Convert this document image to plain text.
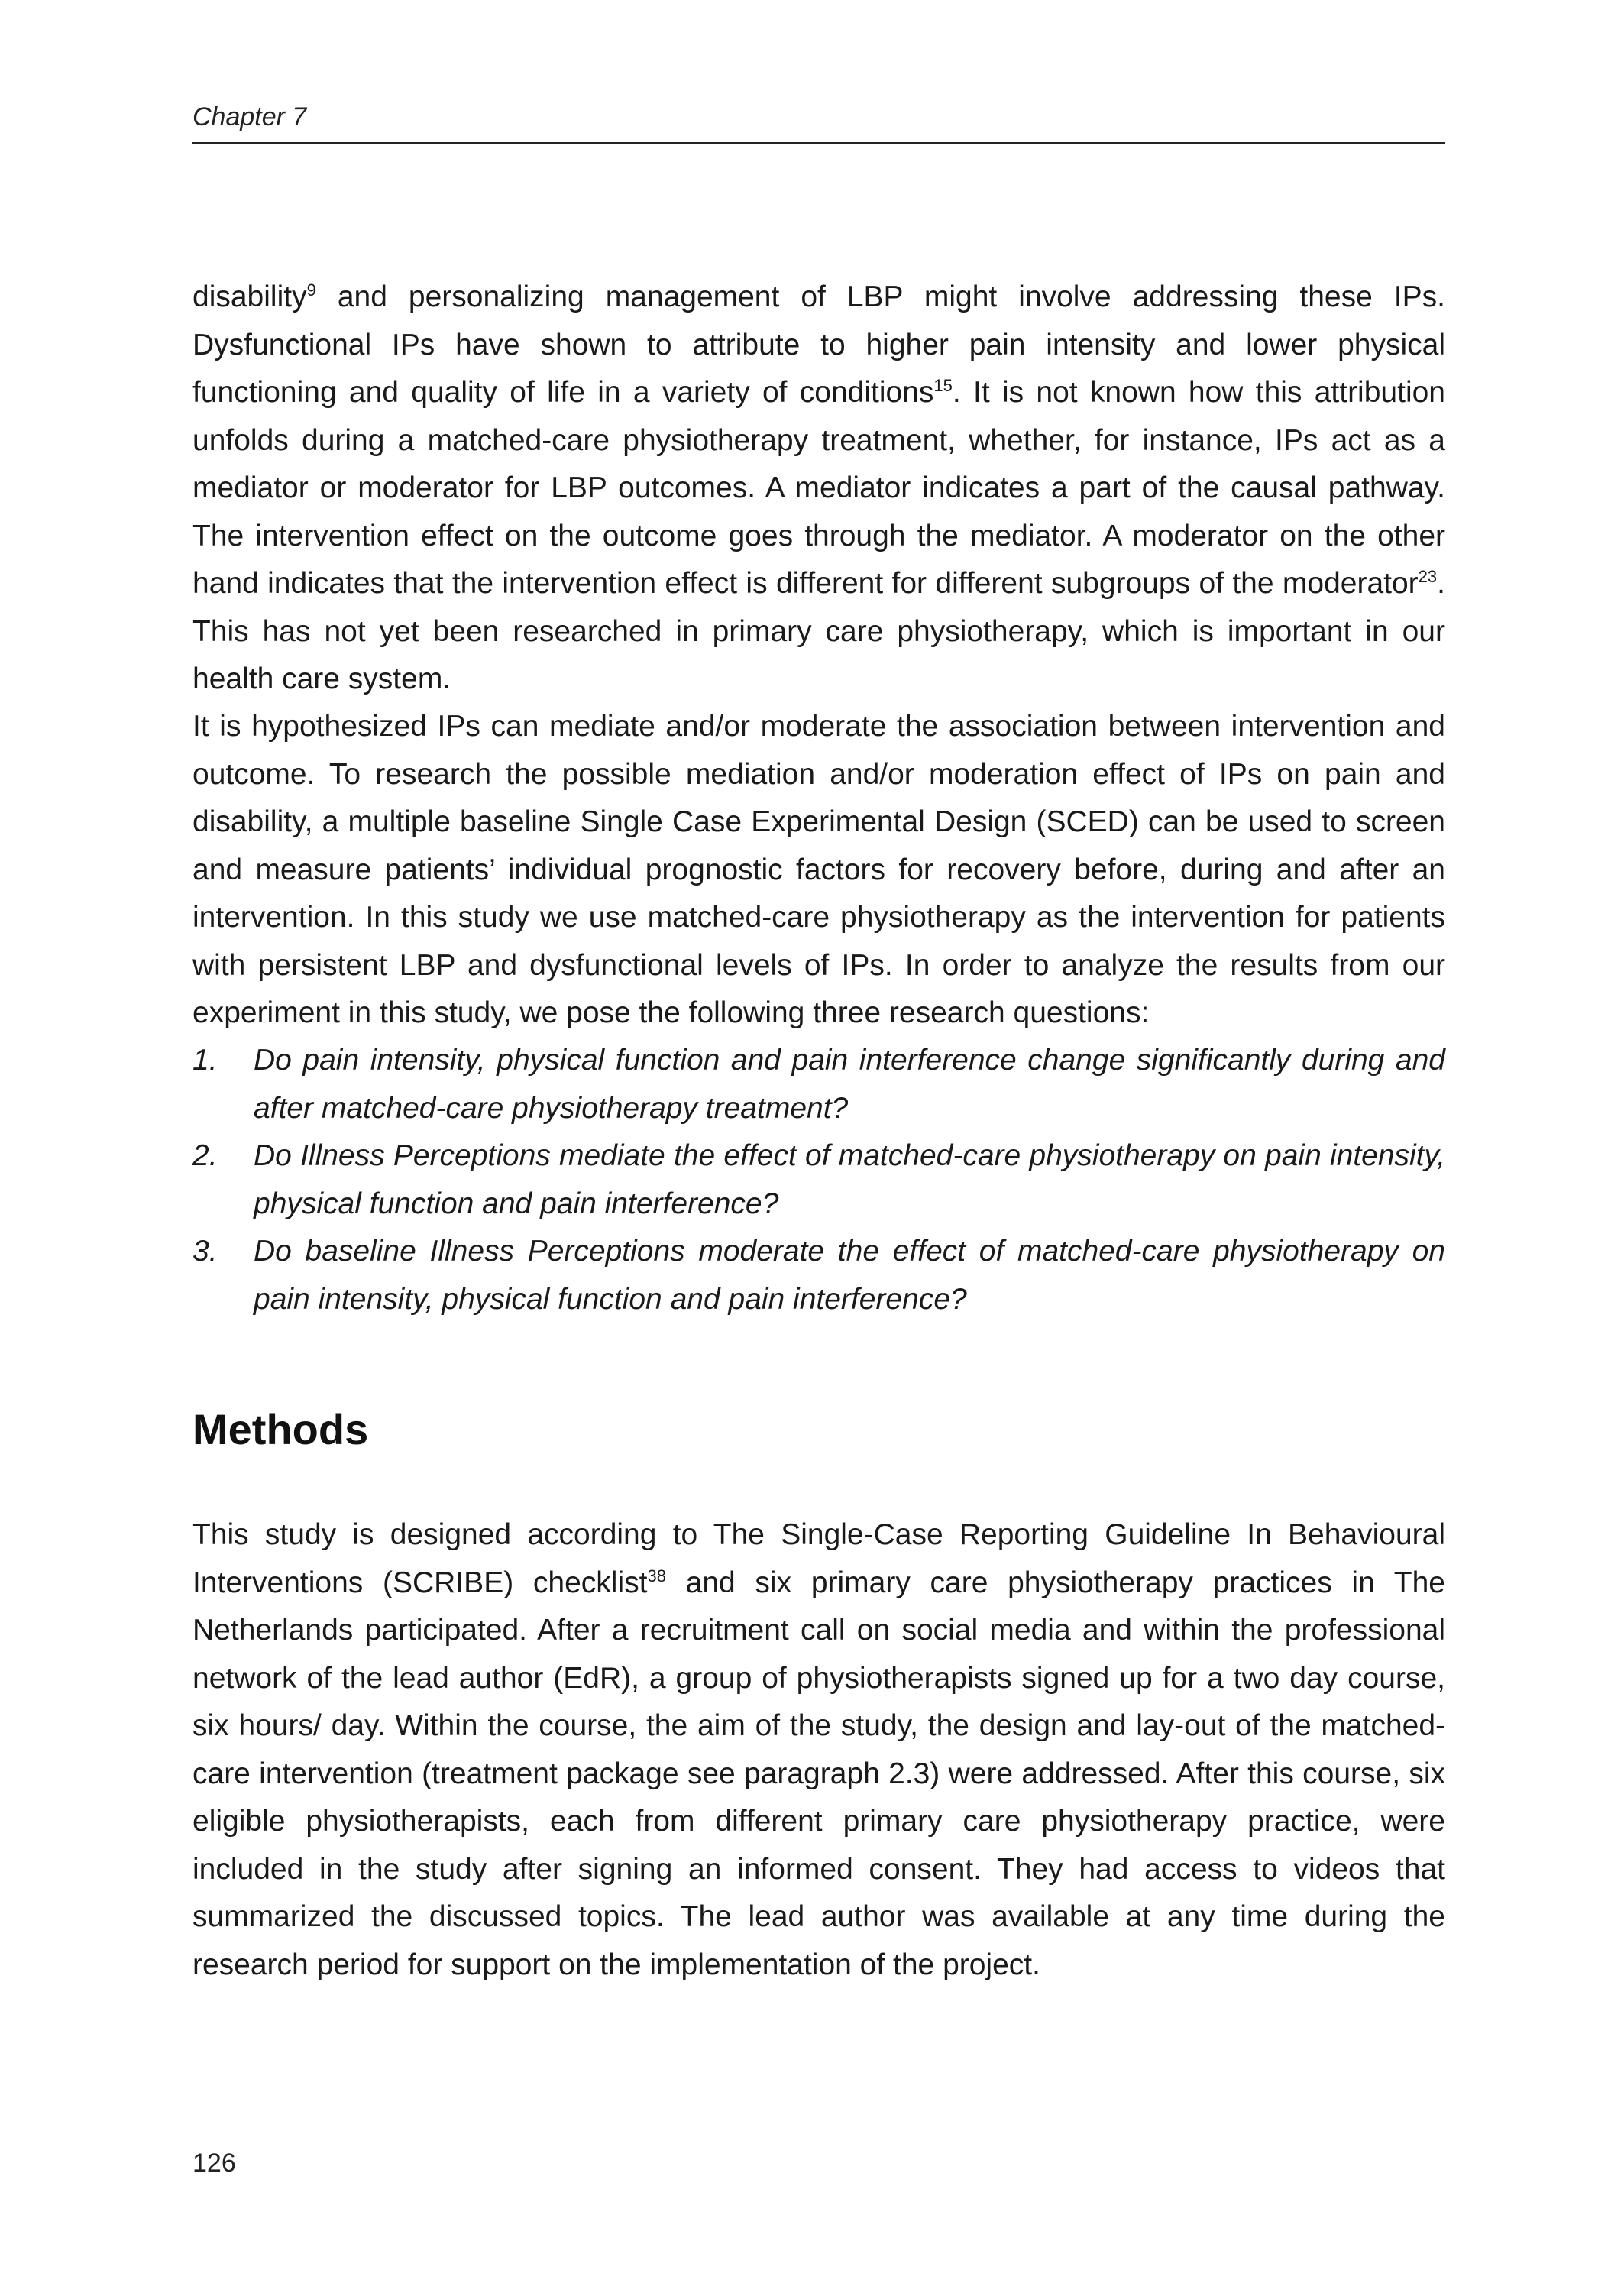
Chapter 7

disability$^9$ and personalizing management of LBP might involve addressing these IPs. Dysfunctional IPs have shown to attribute to higher pain intensity and lower physical functioning and quality of life in a variety of conditions$^{15}$. It is not known how this attribution unfolds during a matched-care physiotherapy treatment, whether, for instance, IPs act as a mediator or moderator for LBP outcomes. A mediator indicates a part of the causal pathway. The intervention effect on the outcome goes through the mediator. A moderator on the other hand indicates that the intervention effect is different for different subgroups of the moderator$^{23}$. This has not yet been researched in primary care physiotherapy, which is important in our health care system.

It is hypothesized IPs can mediate and/or moderate the association between intervention and outcome. To research the possible mediation and/or moderation effect of IPs on pain and disability, a multiple baseline Single Case Experimental Design (SCED) can be used to screen and measure patients’ individual prognostic factors for recovery before, during and after an intervention. In this study we use matched-care physiotherapy as the intervention for patients with persistent LBP and dysfunctional levels of IPs. In order to analyze the results from our experiment in this study, we pose the following three research questions:

1. Do pain intensity, physical function and pain interference change significantly during and after matched-care physiotherapy treatment?
2. Do Illness Perceptions mediate the effect of matched-care physiotherapy on pain intensity, physical function and pain interference?
3. Do baseline Illness Perceptions moderate the effect of matched-care physiotherapy on pain intensity, physical function and pain interference?
Methods

This study is designed according to The Single-Case Reporting Guideline In Behavioural Interventions (SCRIBE) checklist$^{38}$ and six primary care physiotherapy practices in The Netherlands participated. After a recruitment call on social media and within the professional network of the lead author (EdR), a group of physiotherapists signed up for a two day course, six hours/ day. Within the course, the aim of the study, the design and lay-out of the matched-care intervention (treatment package see paragraph 2.3) were addressed. After this course, six eligible physiotherapists, each from different primary care physiotherapy practice, were included in the study after signing an informed consent. They had access to videos that summarized the discussed topics. The lead author was available at any time during the research period for support on the implementation of the project.

126
